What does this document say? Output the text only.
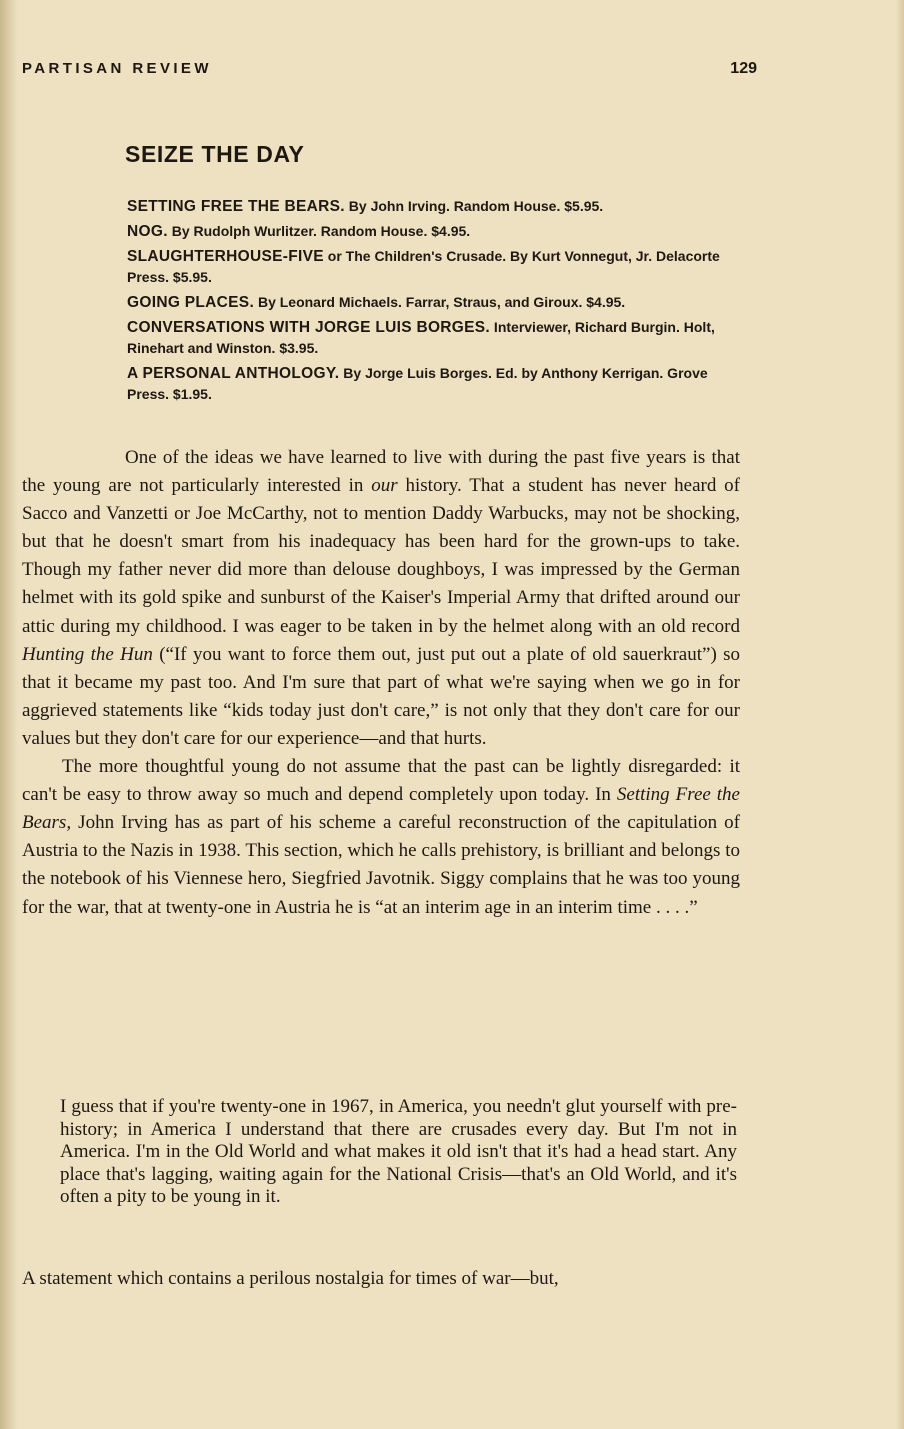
PARTISAN REVIEW	129
SEIZE THE DAY

SETTING FREE THE BEARS. By John Irving. Random House. $5.95.

NOG. By Rudolph Wurlitzer. Random House. $4.95.

SLAUGHTERHOUSE-FIVE or The Children's Crusade. By Kurt Vonnegut, Jr. Delacorte Press. $5.95.

GOING PLACES. By Leonard Michaels. Farrar, Straus, and Giroux. $4.95.

CONVERSATIONS WITH JORGE LUIS BORGES. Interviewer, Richard Burgin. Holt, Rinehart and Winston. $3.95.

A PERSONAL ANTHOLOGY. By Jorge Luis Borges. Ed. by Anthony Kerrigan. Grove Press. $1.95.

One of the ideas we have learned to live with during the past five years is that the young are not particularly interested in our history. That a student has never heard of Sacco and Vanzetti or Joe McCarthy, not to mention Daddy Warbucks, may not be shocking, but that he doesn't smart from his inadequacy has been hard for the grown-ups to take. Though my father never did more than delouse doughboys, I was impressed by the German helmet with its gold spike and sunburst of the Kaiser's Imperial Army that drifted around our attic during my childhood. I was eager to be taken in by the helmet along with an old record Hunting the Hun (“If you want to force them out, just put out a plate of old sauerkraut”) so that it became my past too. And I'm sure that part of what we're saying when we go in for aggrieved statements like “kids today just don't care,” is not only that they don't care for our values but they don't care for our experience—and that hurts.

The more thoughtful young do not assume that the past can be lightly disregarded: it can't be easy to throw away so much and depend completely upon today. In Setting Free the Bears, John Irving has as part of his scheme a careful reconstruction of the capitulation of Austria to the Nazis in 1938. This section, which he calls prehistory, is brilliant and belongs to the notebook of his Viennese hero, Siegfried Javotnik. Siggy complains that he was too young for the war, that at twenty-one in Austria he is “at an interim age in an interim time . . . .”

I guess that if you're twenty-one in 1967, in America, you needn't glut yourself with pre-history; in America I understand that there are crusades every day. But I'm not in America. I'm in the Old World and what makes it old isn't that it's had a head start. Any place that's lagging, waiting again for the National Crisis—that's an Old World, and it's often a pity to be young in it.

A statement which contains a perilous nostalgia for times of war—but,
